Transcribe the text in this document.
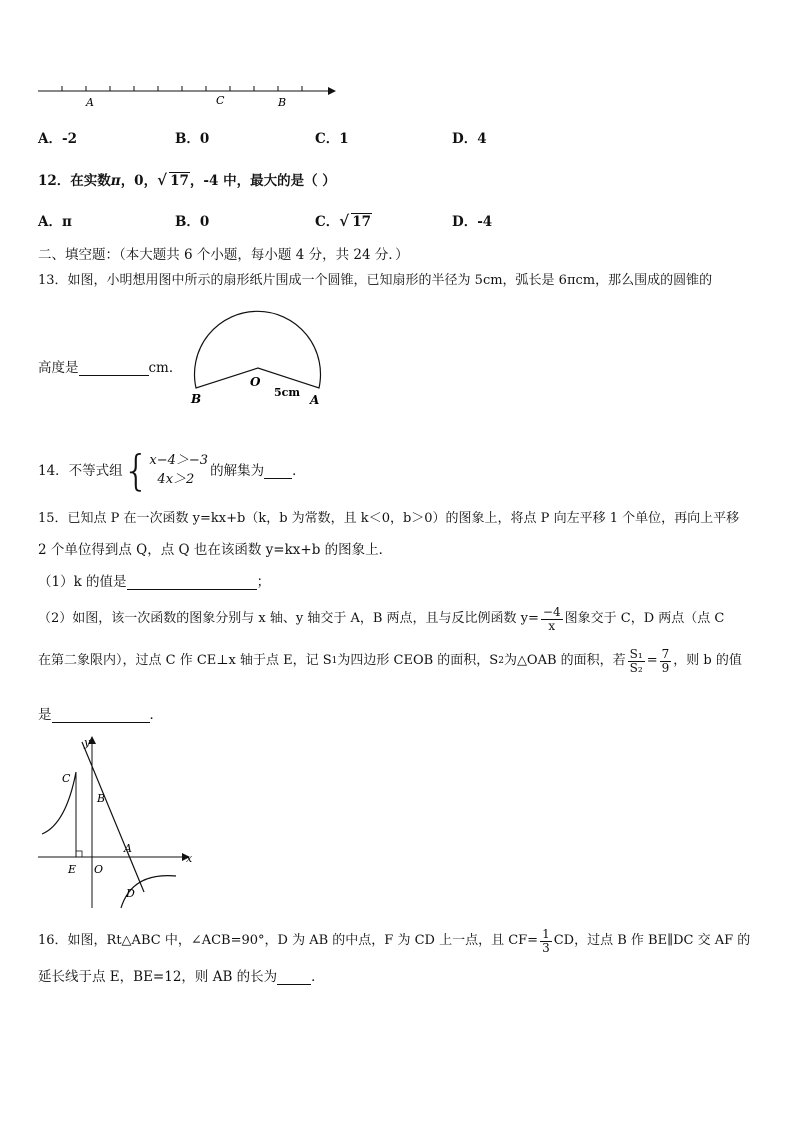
A	C	B
A．-2	B．0	C．1	D．4
12．在实数π，0， √ 17，-4 中，最大的是（ ）
A．π	B．0	C． √ 17	D．-4
二、填空题：（本大题共 6 个小题，每小题 4 分，共 24 分．）
13．如图，小明想用图中所示的扇形纸片围成一个圆锥，已知扇形的半径为 5cm，弧长是 6πcm，那么围成的圆锥的
高度是	cm．
O
B	A
5cm
14．不等式组 { x−4＞−3
4x＞2
的解集为 ．
15．已知点 P 在一次函数 y=kx+b（k，b 为常数，且 k＜0，b＞0）的图象上，将点 P 向左平移 1 个单位，再向上平移
2 个单位得到点 Q，点 Q 也在该函数 y=kx+b 的图象上．
（1）k 的值是	；
（2）如图，该一次函数的图象分别与 x 轴、y 轴交于 A，B 两点，且与反比例函数 $y= \frac{-4}{x}$ 图象交于 C，D 两点（点 C
在第二象限内），过点 C 作 CE⊥x 轴于点 E，记 S 1 为四边形 CEOB 的面积，S 2 为△OAB 的面积，若 $\frac{\text{S₁}}{\text{S₂}} = \frac{7}{9}$ ，则 b 的值
是	．
y
x
C
B
A
E O
D
16．如图，Rt△ABC 中，∠ACB=90°，D 为 AB 的中点，F 为 CD 上一点，且 $CF= \frac{1}{3}$ CD，过点 B 作 BE∥DC 交 AF 的
延长线于点 E，BE=12，则 AB 的长为	．
